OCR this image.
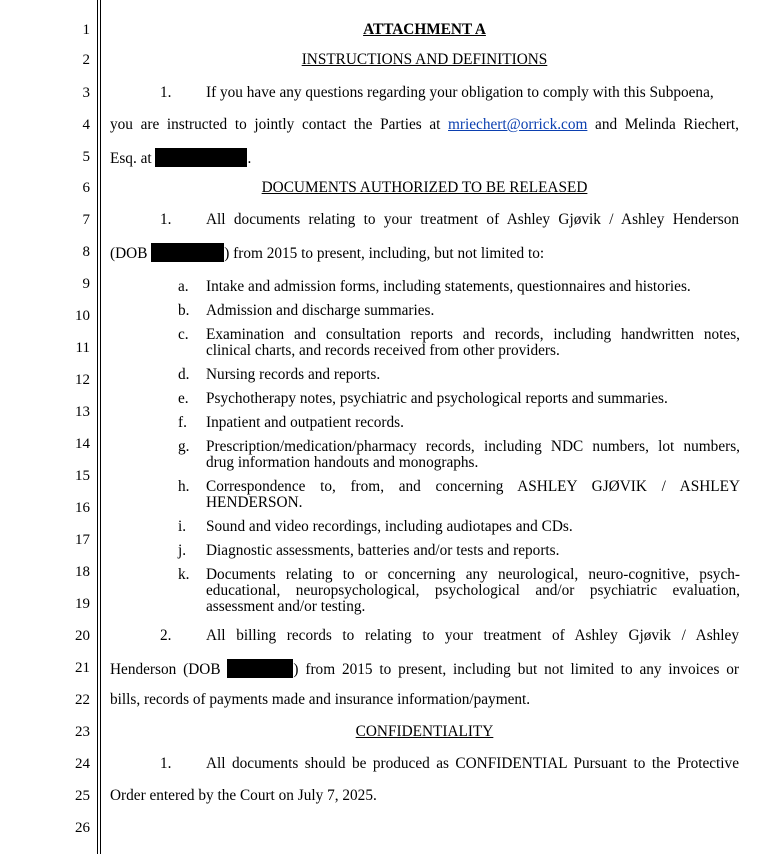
1
2
3
4
5
6
7
8
9
10
11
12
13
14
15
16
17
18
19
20
21
22
23
24
25
26
ATTACHMENT A
INSTRUCTIONS AND DEFINITIONS
1. If you have any questions regarding your obligation to comply with this Subpoena,
you are instructed to jointly contact the Parties at mriechert@orrick.com and Melinda Riechert,
Esq. at	.
DOCUMENTS AUTHORIZED TO BE RELEASED
1. All documents relating to your treatment of Ashley Gjøvik / Ashley Henderson
(DOB	) from 2015 to present, including, but not limited to:
a.	Intake and admission forms, including statements, questionnaires and histories.
b.	Admission and discharge summaries.
c.	Examination and consultation reports and records, including handwritten notes,
clinical charts, and records received from other providers.
d.	Nursing records and reports.
e.	Psychotherapy notes, psychiatric and psychological reports and summaries.
f.	Inpatient and outpatient records.
g.	Prescription/medication/pharmacy records, including NDC numbers, lot numbers,
drug information handouts and monographs.
h.	Correspondence to, from, and concerning ASHLEY GJØVIK / ASHLEY
HENDERSON.
i.	Sound and video recordings, including audiotapes and CDs.
j.	Diagnostic assessments, batteries and/or tests and reports.
k.	Documents relating to or concerning any neurological, neuro-cognitive, psych-
educational, neuropsychological, psychological and/or psychiatric evaluation,
assessment and/or testing.
2. All billing records to relating to your treatment of Ashley Gjøvik / Ashley
Henderson (DOB	) from 2015 to present, including but not limited to any invoices or
bills, records of payments made and insurance information/payment.
CONFIDENTIALITY
1. All documents should be produced as CONFIDENTIAL Pursuant to the Protective
Order entered by the Court on July 7, 2025.
